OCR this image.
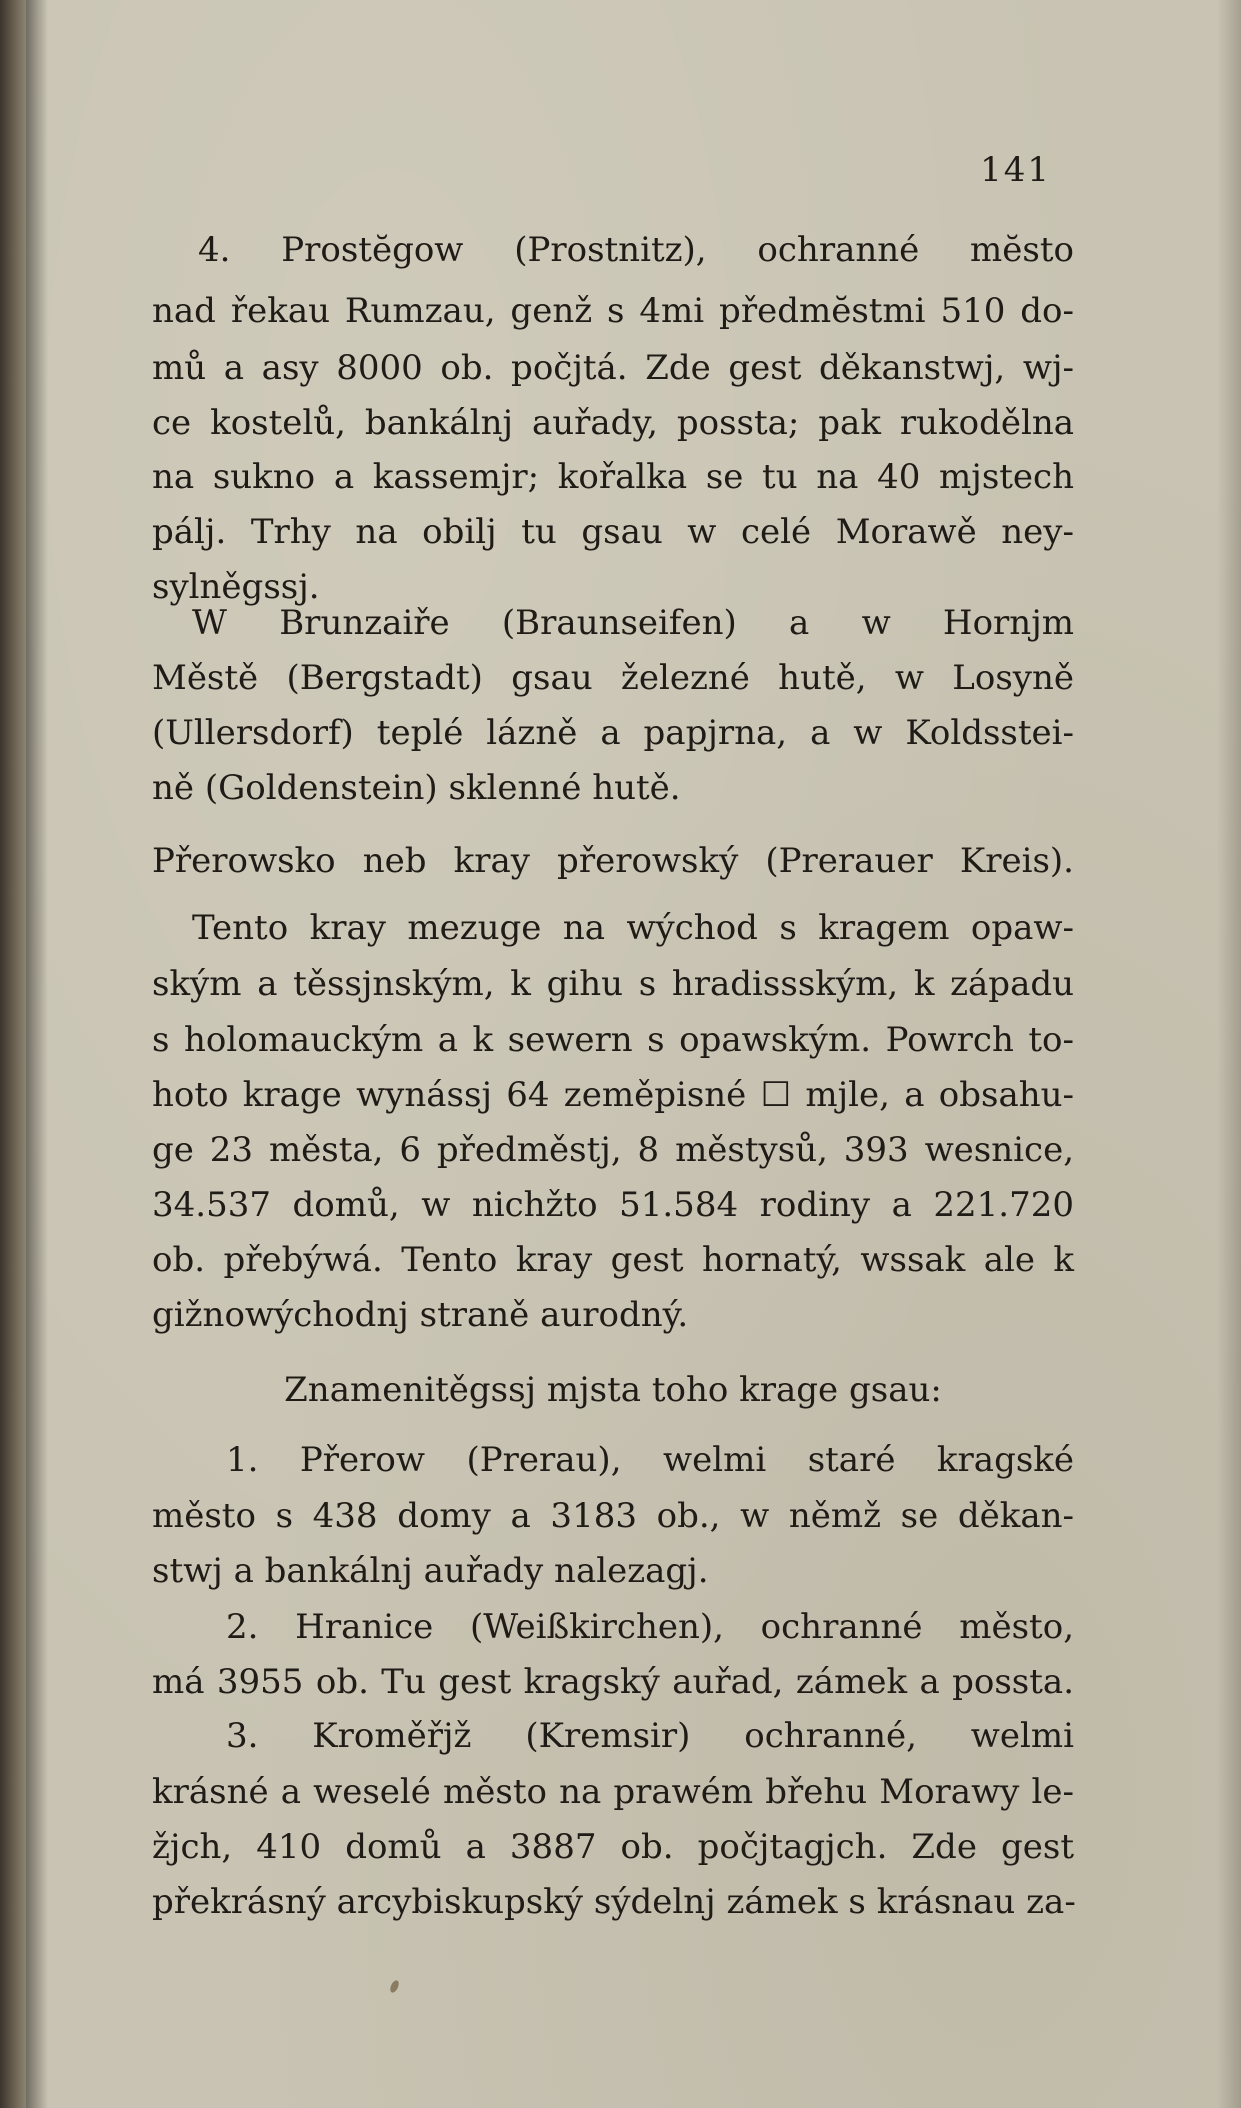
141
4. Prostĕgow (Prostnitz), ochranné mĕsto
nad řekau Rumzau, genž s 4mi předmĕstmi 510 do-
mů a asy 8000 ob. počjtá. Zde gest děkanstwj, wj-
ce kostelů, bankálnj auřady, possta; pak rukodělna
na sukno a kassemjr; kořalka se tu na 40 mjstech
pálj. Trhy na obilj tu gsau w celé Morawě ney-
sylněgssj.
W Brunzaiře (Braunseifen) a w Hornjm
Městě (Bergstadt) gsau železné hutě, w Losyně
(Ullersdorf) teplé lázně a papjrna, a w Koldsstei-
ně (Goldenstein) sklenné hutě.
Přerowsko neb kray přerowský (Prerauer Kreis).
Tento kray mezuge na wýchod s kragem opaw-
ským a těssjnským, k gihu s hradissským, k západu
s holomauckým a k sewern s opawským. Powrch to-
hoto krage wynássj 64 zeměpisné ☐ mjle, a obsahu-
ge 23 města, 6 předměstj, 8 městysů, 393 wesnice,
34.537 domů, w nichžto 51.584 rodiny a 221.720
ob. přebýwá. Tento kray gest hornatý, wssak ale k
gižnowýchodnj straně aurodný.
Znamenitěgssj mjsta toho krage gsau:
1. Přerow (Prerau), welmi staré kragské
město s 438 domy a 3183 ob., w němž se děkan-
stwj a bankálnj auřady nalezagj.
2. Hranice (Weißkirchen), ochranné město,
má 3955 ob. Tu gest kragský auřad, zámek a possta.
3. Kroměřjž (Kremsir) ochranné, welmi
krásné a weselé město na prawém břehu Morawy le-
žjch, 410 domů a 3887 ob. počjtagjch. Zde gest
překrásný arcybiskupský sýdelnj zámek s krásnau za-
